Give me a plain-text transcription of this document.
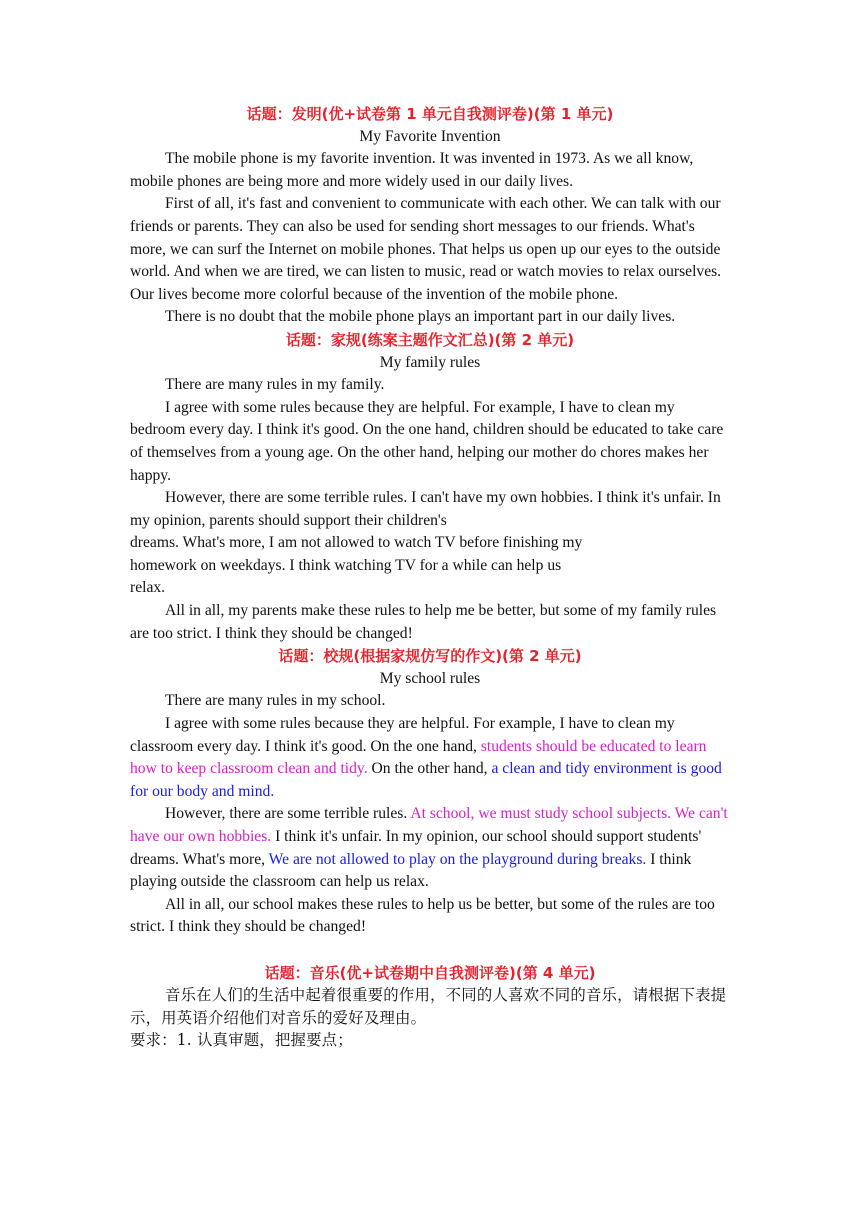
话题：发明(优+试卷第 1 单元自我测评卷)(第 1 单元)
My Favorite Invention

The mobile phone is my favorite invention. It was invented in 1973. As we all know, mobile phones are being more and more widely used in our daily lives.

First of all, it's fast and convenient to communicate with each other. We can talk with our friends or parents. They can also be used for sending short messages to our friends. What's more, we can surf the Internet on mobile phones. That helps us open up our eyes to the outside world. And when we are tired, we can listen to music, read or watch movies to relax ourselves. Our lives become more colorful because of the invention of the mobile phone.

There is no doubt that the mobile phone plays an important part in our daily lives.

话题：家规(练案主题作文汇总)(第 2 单元)
My family rules

There are many rules in my family.

I agree with some rules because they are helpful. For example, I have to clean my bedroom every day. I think it's good. On the one hand, children should be educated to take care of themselves from a young age. On the other hand, helping our mother do chores makes her happy.

However, there are some terrible rules. I can't have my own hobbies. I think it's unfair. In my opinion, parents should support their children's

dreams. What's more, I am not allowed to watch TV before finishing my

homework on weekdays. I think watching TV for a while can help us

relax.

All in all, my parents make these rules to help me be better, but some of my family rules are too strict. I think they should be changed!

话题：校规(根据家规仿写的作文)(第 2 单元)
My school rules

There are many rules in my school.

I agree with some rules because they are helpful. For example, I have to clean my classroom every day. I think it's good. On the one hand, students should be educated to learn how to keep classroom clean and tidy. On the other hand, a clean and tidy environment is good for our body and mind.

However, there are some terrible rules. At school, we must study school subjects. We can't have our own hobbies. I think it's unfair. In my opinion, our school should support students' dreams. What's more, We are not allowed to play on the playground during breaks. I think playing outside the classroom can help us relax.

All in all, our school makes these rules to help us be better, but some of the rules are too strict. I think they should be changed!

话题：音乐(优+试卷期中自我测评卷)(第 4 单元)

音乐在人们的生活中起着很重要的作用，不同的人喜欢不同的音乐，请根据下表提示，用英语介绍他们对音乐的爱好及理由。

要求：1. 认真审题，把握要点；
